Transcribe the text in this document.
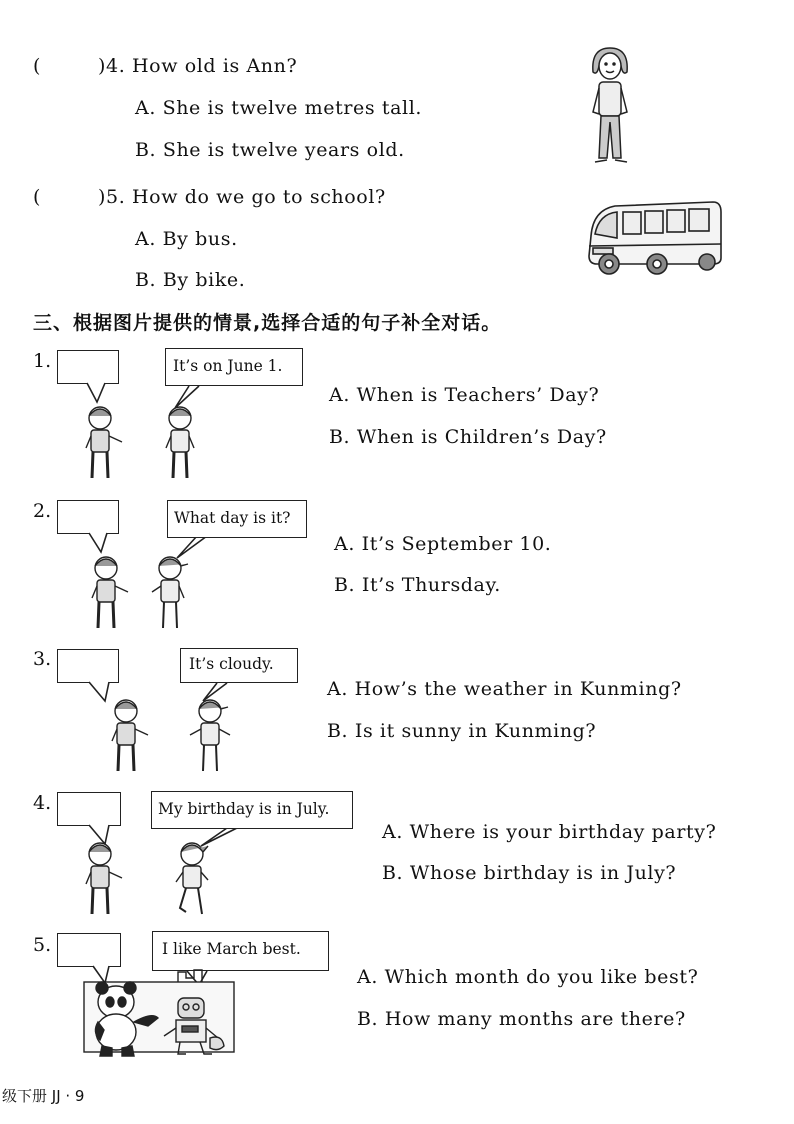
(	)4. How old is Ann?
A. She is twelve metres tall.
B. She is twelve years old.
(	)5. How do we go to school?
A. By bus.
B. By bike.
三、根据图片提供的情景,选择合适的句子补全对话。
1.	It’s on June 1.
A. When is Teachers’ Day?
B. When is Children’s Day?
2.	What day is it?
A. It’s September 10.
B. It’s Thursday.
3.	It’s cloudy.
A. How’s the weather in Kunming?
B. Is it sunny in Kunming?
4.	My birthday is in July.
A. Where is your birthday party?
B. Whose birthday is in July?
5.	I like March best.
A. Which month do you like best?
B. How many months are there?
级下册 JJ · 9
